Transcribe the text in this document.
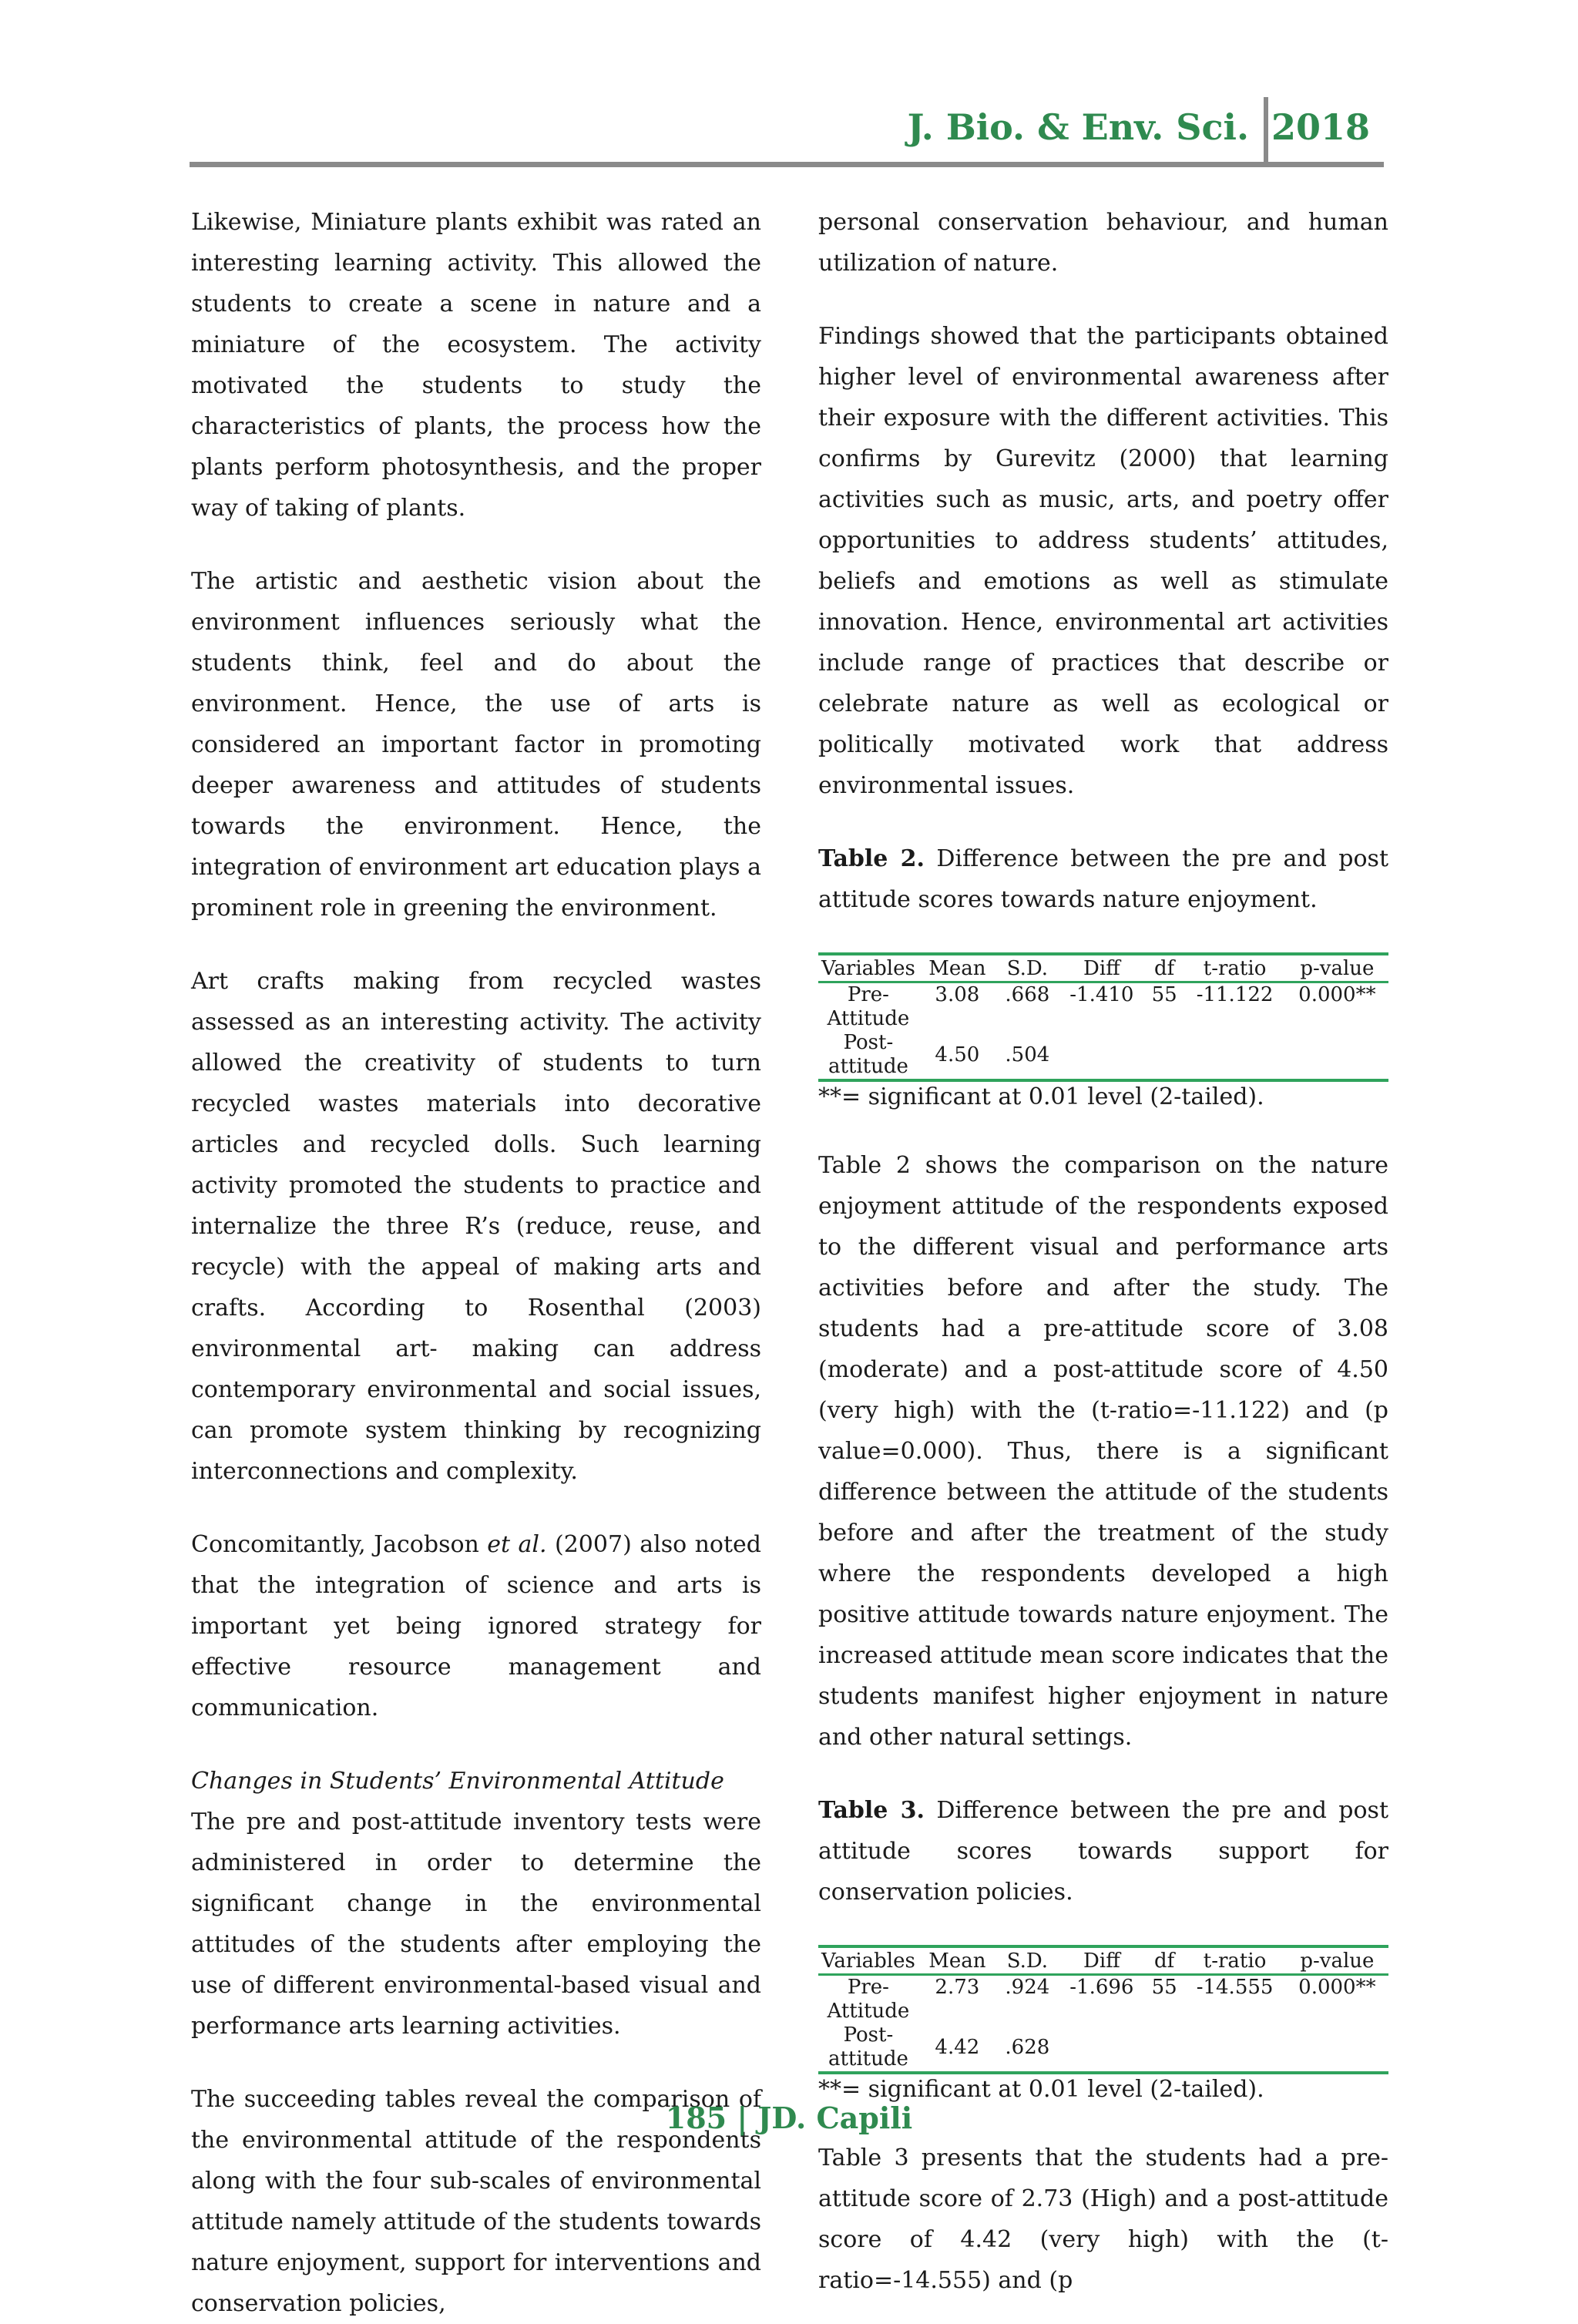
J. Bio. & Env. Sci. 2018

Likewise, Miniature plants exhibit was rated an interesting learning activity. This allowed the students to create a scene in nature and a miniature of the ecosystem. The activity motivated the students to study the characteristics of plants, the process how the plants perform photosynthesis, and the proper way of taking of plants.

The artistic and aesthetic vision about the environment influences seriously what the students think, feel and do about the environment. Hence, the use of arts is considered an important factor in promoting deeper awareness and attitudes of students towards the environment. Hence, the integration of environment art education plays a prominent role in greening the environment.

Art crafts making from recycled wastes assessed as an interesting activity. The activity allowed the creativity of students to turn recycled wastes materials into decorative articles and recycled dolls. Such learning activity promoted the students to practice and internalize the three R’s (reduce, reuse, and recycle) with the appeal of making arts and crafts. According to Rosenthal (2003) environmental art- making can address contemporary environmental and social issues, can promote system thinking by recognizing interconnections and complexity.

Concomitantly, Jacobson et al. (2007) also noted that the integration of science and arts is important yet being ignored strategy for effective resource management and communication.

Changes in Students’ Environmental Attitude

The pre and post-attitude inventory tests were administered in order to determine the significant change in the environmental attitudes of the students after employing the use of different environmental-based visual and performance arts learning activities.

The succeeding tables reveal the comparison of the environmental attitude of the respondents along with the four sub-scales of environmental attitude namely attitude of the students towards nature enjoyment, support for interventions and conservation policies,

personal conservation behaviour, and human utilization of nature.

Findings showed that the participants obtained higher level of environmental awareness after their exposure with the different activities. This confirms by Gurevitz (2000) that learning activities such as music, arts, and poetry offer opportunities to address students’ attitudes, beliefs and emotions as well as stimulate innovation. Hence, environmental art activities include range of practices that describe or celebrate nature as well as ecological or politically motivated work that address environmental issues.

Table 2. Difference between the pre and post attitude scores towards nature enjoyment.

Variables	Mean	S.D.	Diff	df	t-ratio	p-value
Pre-Attitude	3.08	.668	-1.410	55	-11.122	0.000**
Post-attitude	4.50	.504				

**= significant at 0.01 level (2-tailed).

Table 2 shows the comparison on the nature enjoyment attitude of the respondents exposed to the different visual and performance arts activities before and after the study. The students had a pre-attitude score of 3.08 (moderate) and a post-attitude score of 4.50 (very high) with the (t-ratio=-11.122) and (p value=0.000). Thus, there is a significant difference between the attitude of the students before and after the treatment of the study where the respondents developed a high positive attitude towards nature enjoyment. The increased attitude mean score indicates that the students manifest higher enjoyment in nature and other natural settings.

Table 3. Difference between the pre and post attitude scores towards support for conservation policies.

Variables	Mean	S.D.	Diff	df	t-ratio	p-value
Pre-Attitude	2.73	.924	-1.696	55	-14.555	0.000**
Post-attitude	4.42	.628				

**= significant at 0.01 level (2-tailed).

Table 3 presents that the students had a pre-attitude score of 2.73 (High) and a post-attitude score of 4.42 (very high) with the (t-ratio=-14.555) and (p

185 | JD. Capili
